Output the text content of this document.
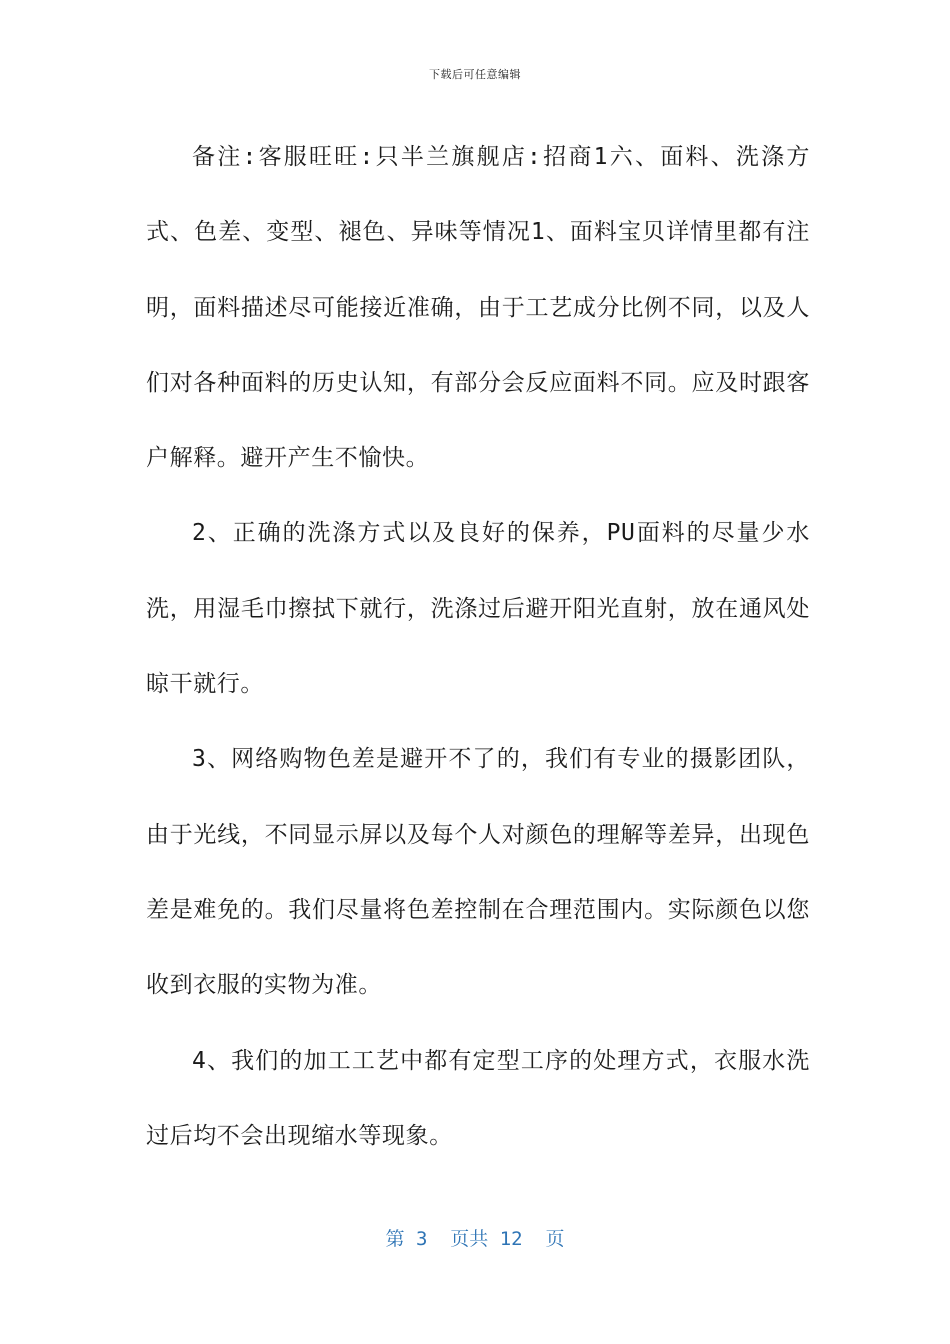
下载后可任意编辑

备注:客服旺旺:只半兰旗舰店:招商1六、面料、洗涤方式、色差、变型、褪色、异味等情况1、面料宝贝详情里都有注明，面料描述尽可能接近准确，由于工艺成分比例不同，以及人们对各种面料的历史认知，有部分会反应面料不同。应及时跟客户解释。避开产生不愉快。

2、正确的洗涤方式以及良好的保养，PU面料的尽量少水洗，用湿毛巾擦拭下就行，洗涤过后避开阳光直射，放在通风处晾干就行。

3、网络购物色差是避开不了的，我们有专业的摄影团队，由于光线，不同显示屏以及每个人对颜色的理解等差异，出现色差是难免的。我们尽量将色差控制在合理范围内。实际颜色以您收到衣服的实物为准。

4、我们的加工工艺中都有定型工序的处理方式，衣服水洗过后均不会出现缩水等现象。

第 3  页共 12  页
